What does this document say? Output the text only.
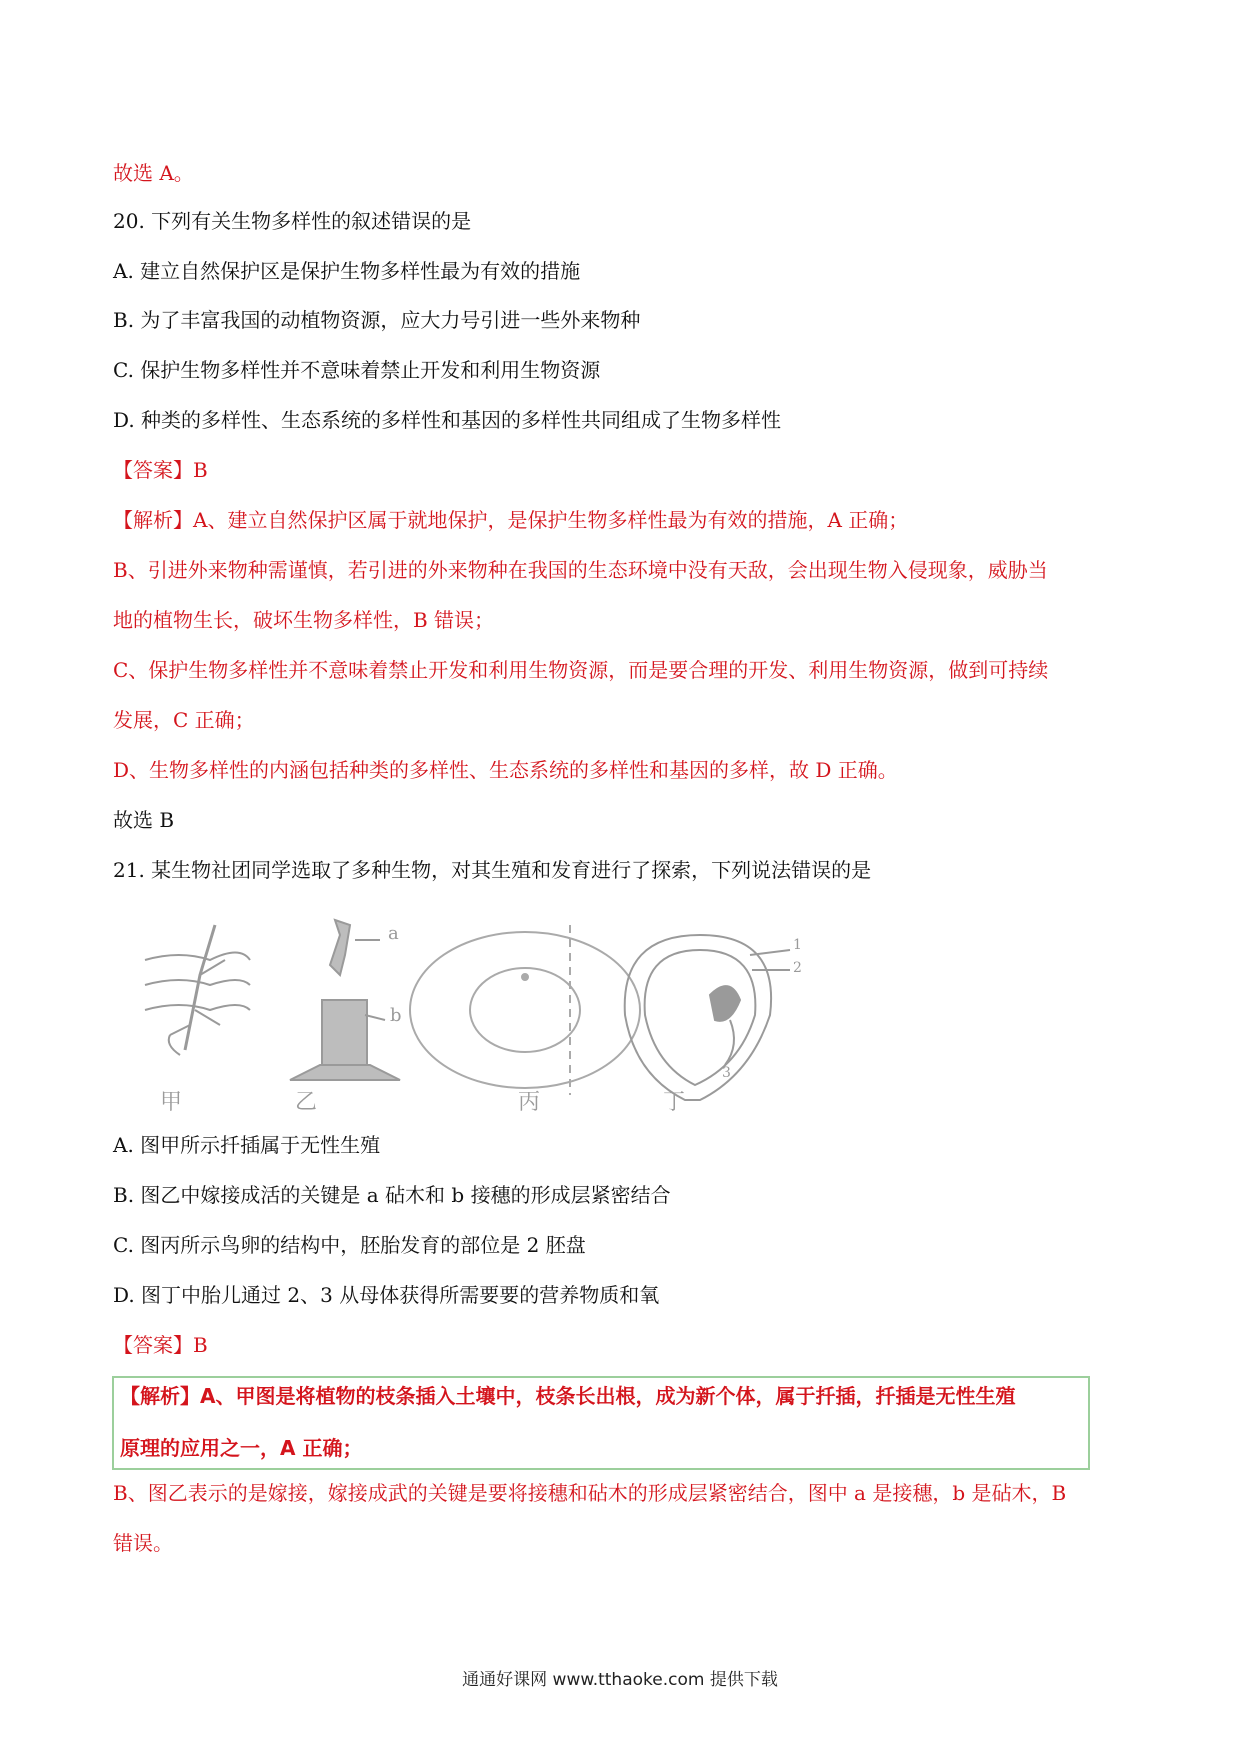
故选 A。
20. 下列有关生物多样性的叙述错误的是
A. 建立自然保护区是保护生物多样性最为有效的措施
B. 为了丰富我国的动植物资源，应大力号引进一些外来物种
C. 保护生物多样性并不意味着禁止开发和利用生物资源
D. 种类的多样性、生态系统的多样性和基因的多样性共同组成了生物多样性
【答案】B
【解析】A、建立自然保护区属于就地保护，是保护生物多样性最为有效的措施，A 正确；
B、引进外来物种需谨慎，若引进的外来物种在我国的生态环境中没有天敌，会出现生物入侵现象，威胁当
地的植物生长，破坏生物多样性，B 错误；
C、保护生物多样性并不意味着禁止开发和利用生物资源，而是要合理的开发、利用生物资源，做到可持续
发展，C 正确；
D、生物多样性的内涵包括种类的多样性、生态系统的多样性和基因的多样，故 D 正确。
故选 B
21. 某生物社团同学选取了多种生物，对其生殖和发育进行了探索，下列说法错误的是
甲	乙	丙	丁
a
b
1
2
3
A. 图甲所示扦插属于无性生殖
B. 图乙中嫁接成活的关键是 a 砧木和 b 接穗的形成层紧密结合
C. 图丙所示鸟卵的结构中，胚胎发育的部位是 2 胚盘
D. 图丁中胎儿通过 2、3 从母体获得所需要要的营养物质和氧
【答案】B
【解析】A、甲图是将植物的枝条插入土壤中，枝条长出根，成为新个体，属于扦插，扦插是无性生殖
原理的应用之一，A 正确；
B、图乙表示的是嫁接，嫁接成武的关键是要将接穗和砧木的形成层紧密结合，图中 a 是接穗，b 是砧木，B
错误。
通通好课网 www.tthaoke.com 提供下载
